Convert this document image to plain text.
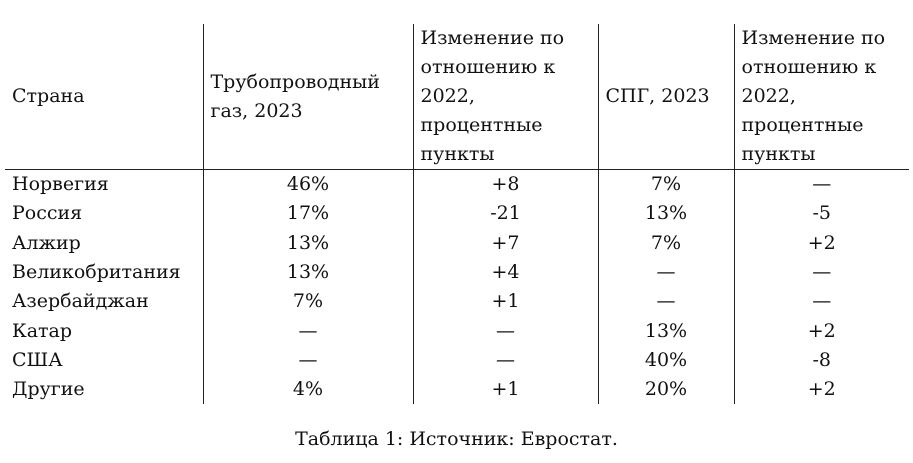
Страна	Трубопроводный газ, 2023	Изменение по отношению к 2022, процентные пункты	СПГ, 2023	Изменение по отношению к 2022, процентные пункты

Норвегия	46%	+8	7%	—
Россия	17%	-21	13%	-5
Алжир	13%	+7	7%	+2
Великобритания	13%	+4	—	—
Азербайджан	7%	+1	—	—
Катар	—	—	13%	+2
США	—	—	40%	-8
Другие	4%	+1	20%	+2
Таблица 1: Источник: Евростат.
